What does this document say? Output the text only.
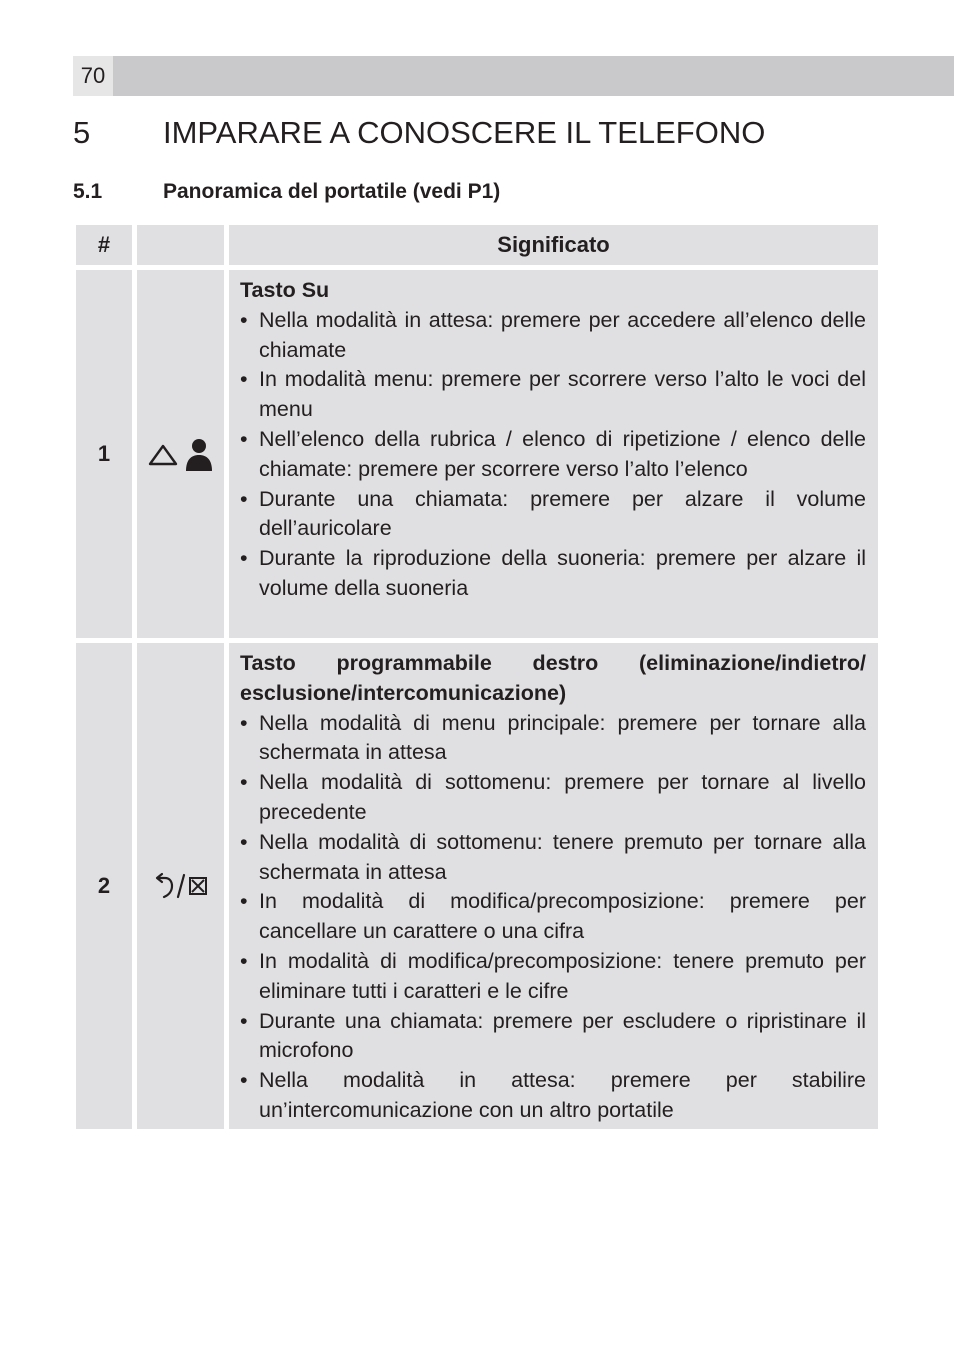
70
5 IMPARARE A CONOSCERE IL TELEFONO
5.1	Panoramica del portatile (vedi P1)
#	Significato
1
Tasto Su
• Nella modalità in attesa: premere per accedere all’elenco delle chiamate
• In modalità menu: premere per scorrere verso l’alto le voci del menu
• Nell’elenco della rubrica / elenco di ripetizione / elenco delle chiamate: premere per scorrere verso l’alto l’elenco
• Durante una chiamata: premere per alzare il volume dell’auricolare
• Durante la riproduzione della suoneria: premere per alzare il volume della suoneria
2
Tasto programmabile destro (eliminazione/indietro/ esclusione/intercomunicazione)
• Nella modalità di menu principale: premere per tornare alla schermata in attesa
• Nella modalità di sottomenu: premere per tornare al livello precedente
• Nella modalità di sottomenu: tenere premuto per tornare alla schermata in attesa
• In modalità di modifica/precomposizione: premere per cancellare un carattere o una cifra
• In modalità di modifica/precomposizione: tenere premuto per eliminare tutti i caratteri e le cifre
• Durante una chiamata: premere per escludere o ripristinare il microfono
• Nella modalità in attesa: premere per stabilire un’intercomunicazione con un altro portatile
